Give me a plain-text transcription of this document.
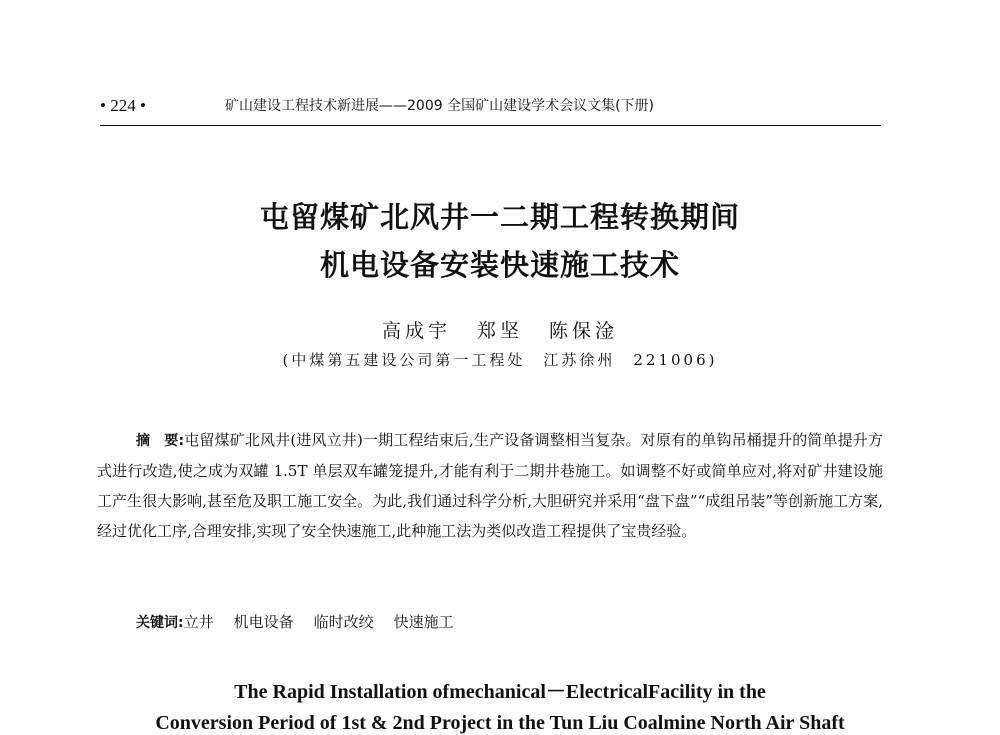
• 224 •	矿山建设工程技术新进展——2009 全国矿山建设学术会议文集(下册)
屯留煤矿北风井一二期工程转换期间
机电设备安装快速施工技术
高成宇 郑坚 陈保淦
(中煤第五建设公司第一工程处　江苏徐州　221006)

摘　要:屯留煤矿北风井(进风立井)一期工程结束后,生产设备调整相当复杂。对原有的单钩吊桶提升的简单提升方式进行改造,使之成为双罐 1.5T 单层双车罐笼提升,才能有利于二期井巷施工。如调整不好或简单应对,将对矿井建设施工产生很大影响,甚至危及职工施工安全。为此,我们通过科学分析,大胆研究并采用“盘下盘”“成组吊装”等创新施工方案,经过优化工序,合理安排,实现了安全快速施工,此种施工法为类似改造工程提供了宝贵经验。

关键词:立井 机电设备 临时改绞 快速施工
The Rapid Installation ofmechanical－ElectricalFacility in the
Conversion Period of 1st & 2nd Project in the Tun Liu Coalmine North Air Shaft
